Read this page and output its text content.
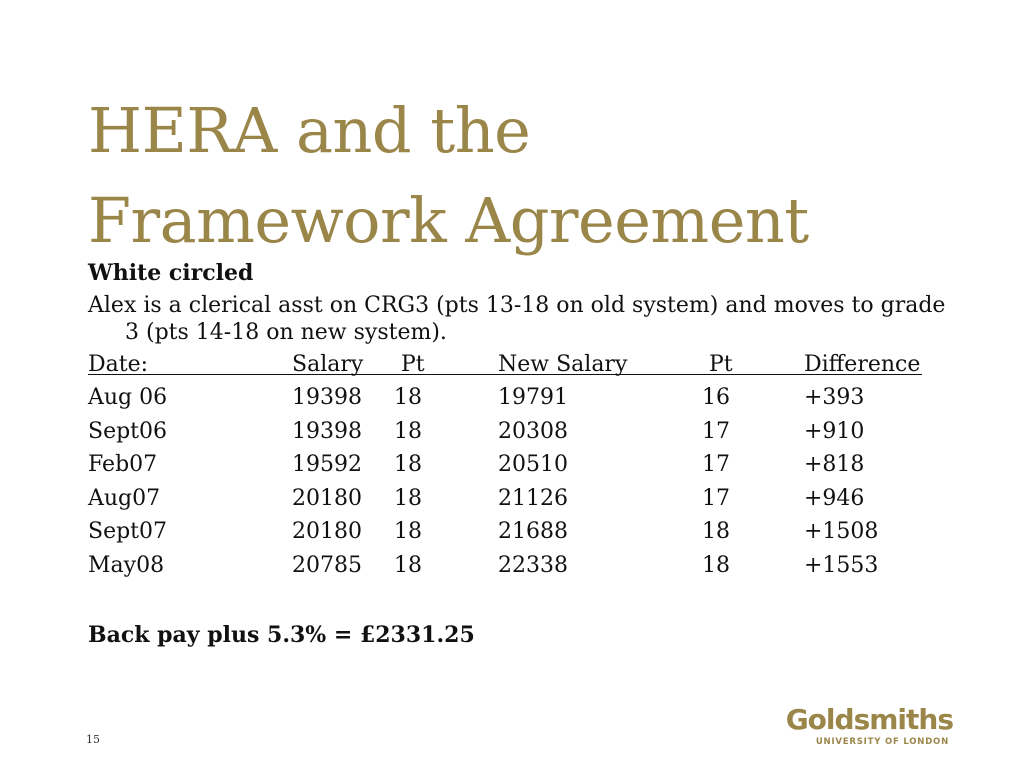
HERA and the
Framework Agreement
White circled
Alex is a clerical asst on CRG3 (pts 13-18 on old system) and moves to grade 3 (pts 14-18 on new system).
Date:	Salary Pt	New Salary	Pt	Difference
Aug 06	19398 18	19791	16	+393
Sept06	19398 18	20308	17	+910
Feb07	19592 18	20510	17	+818
Aug07	20180 18	21126	17	+946
Sept07	20180 18	21688	18	+1508
May08	20785 18	22338	18	+1553
Back pay plus 5.3% = £2331.25
15
Goldsmiths
UNIVERSITY OF LONDON
